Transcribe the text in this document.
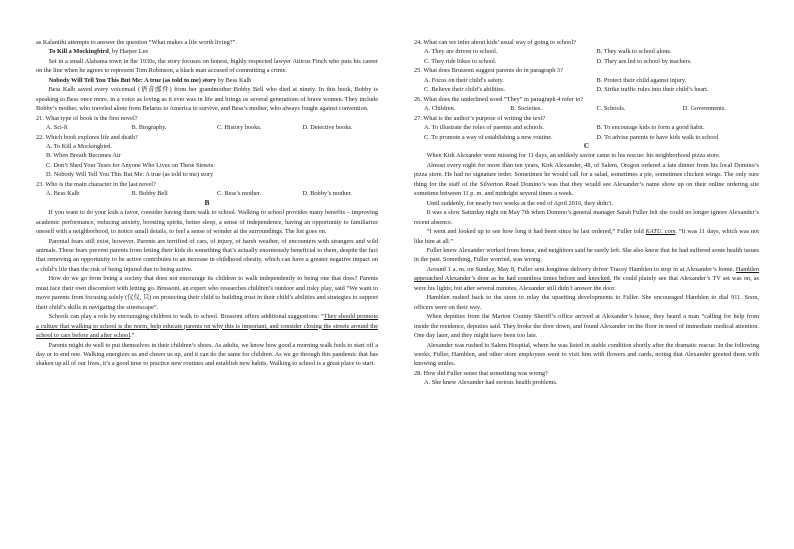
as Kalanithi attempts to answer the question “What makes a life worth living?”.

To Kill a Mockingbird, by Harper Lee

Set in a small Alabama town in the 1930s, the story focuses on honest, highly respected lawyer Atticus Finch who puts his career on the line when he agrees to represent Tom Robinson, a black man accused of committing a crime.

Nobody Will Tell You This But Me: A true (as told to me) story by Bess Kalb

Bess Kalb saved every voicemail (语音邮件) from her grandmother Bobby Bell who died at ninety. In this book, Bobby is speaking to Bess once more, in a voice as loving as it ever was in life and brings us several generations of brave women. They include Bobby’s mother, who traveled alone from Belarus to America to survive, and Bess’s mother, who always fought against convention.

21. What type of book is the first novel?

A. Sci-fi	B. Biography.	C. History books.	D. Detective books.

22. Which book explores life and death?

A. To Kill a Mockingbird.
B. When Breath Becomes Air
C. Don’t Shed Your Tears for Anyone Who Lives on These Streets
D. Nobody Will Tell You This But Me: A true (as told to me) story

23. Who is the main character in the last novel?

A. Bess Kalb	B. Bobby Bell	C. Bess’s mother.	D. Bobby’s mother.

B

If you want to do your kids a favor, consider having them walk to school. Walking to school provides many benefits – improving academic performance, reducing anxiety, boosting spirits, better sleep, a sense of independence, having an opportunity to familiarize oneself with a neighborhood, to notice small details, to feel a sense of wonder at the surroundings. The list goes on.

Parental fears still exist, however. Parents are terrified of cars, of injury, of harsh weather, of encounters with strangers and wild animals. These fears prevent parents from letting their kids do something that’s actually enormously beneficial to them, despite the fact that removing an opportunity to be active contributes to an increase in childhood obesity, which can have a greater negative impact on a child’s life than the risk of being injured due to being active.

How do we go from being a society that does not encourage its children to walk independently to being one that does? Parents must face their own discomfort with letting go. Brussoni, an expert who researches children’s outdoor and risky play, said “We want to move parents from focusing solely (仅仅, 只) on protecting their child to building trust in their child’s abilities and strategies to support their child’s skills in navigating the streetscape”.

Schools can play a role by encouraging children to walk to school. Brussoni offers additional suggestions: “They should promote a culture that walking to school is the norm, help educate parents on why this is important, and consider closing the streets around the school to cars before and after school.”

Parents might do well to put themselves in their children’s shoes. As adults, we know how good a morning walk feels to start off a day or to end one. Walking energizes us and cheers us up, and it can do the same for children. As we go through this pandemic that has shaken up all of our lives, it’s a good time to practice new routines and establish new habits. Walking to school is a great place to start.

24. What can we infer about kids’ usual way of going to school?

A. They are driven to school.	B. They walk to school alone.
C. They ride bikes to school.	D. They are led to school by teachers.

25. What does Brussoni suggest parents do in paragraph 3?

A. Focus on their child’s safety.	B. Protect their child against injury.
C. Believe their child’s abilities.	D. Strike traffic rules into their child’s heart.

26. What does the underlined word “They” in paragraph 4 refer to?

A. Children.	B. Societies.	C. Schools.	D. Governments.

27. What is the author’s purpose of writing the text?

A. To illustrate the roles of parents and schools.	B. To encourage kids to form a good habit.
C. To promote a way of establishing a new routine.	D. To advise parents to have kids walk to school

C

When Kirk Alexander went missing for 11 days, an unlikely savior came to his rescue: his neighborhood pizza store.

Almost every night for more than ten years, Kirk Alexander, 48, of Salem, Oregon ordered a late dinner from his local Domino’s pizza store. He had no signature order. Sometimes he would call for a salad, sometimes a pie, sometimes chicken wings. The only sure thing for the staff of the Silverton Road Domino’s was that they would see Alexander’s name show up on their online ordering site sometime between 11 p. m. and midnight several times a week.

Until suddenly, for nearly two weeks at the end of April 2016, they didn’t.

It was a slow Saturday night on May 7th when Domino’s general manager Sarah Fuller felt she could no longer ignore Alexander’s recent absence.

“I went and looked up to see how long it had been since he last ordered,” Fuller told KATU. com. “It was 11 days, which was not like him at all.”

Fuller knew Alexander worked from home, and neighbors said he rarely left. She also knew that he had suffered some health issues in the past. Something, Fuller worried, was wrong.

Around 1 a. m. on Sunday, May 8, Fuller sent longtime delivery driver Tracey Hamblen to stop in at Alexander’s home. Hamblen approached Alexander’s door as he had countless times before and knocked. He could plainly see that Alexander’s TV set was on, as were his lights; but after several minutes, Alexander still didn’t answer the door.

Hamblen rushed back to the store to relay the upsetting developments to Fuller. She encouraged Hamblen to dial 911. Soon, officers were on their way.

When deputies from the Marion County Sheriff’s office arrived at Alexander’s house, they heard a man “calling for help from inside the residence, deputies said. They broke the door down, and found Alexander on the floor in need of immediate medical attention. One day later, and they might have been too late.

Alexander was rushed to Salem Hospital, where he was listed in stable condition shortly after the dramatic rescue. In the following weeks, Fuller, Hamblen, and other store employees went to visit him with flowers and cards, noting that Alexander greeted them with knowing smiles.

28. How did Fuller sense that something was wrong?

A. She knew Alexander had serious health problems.
